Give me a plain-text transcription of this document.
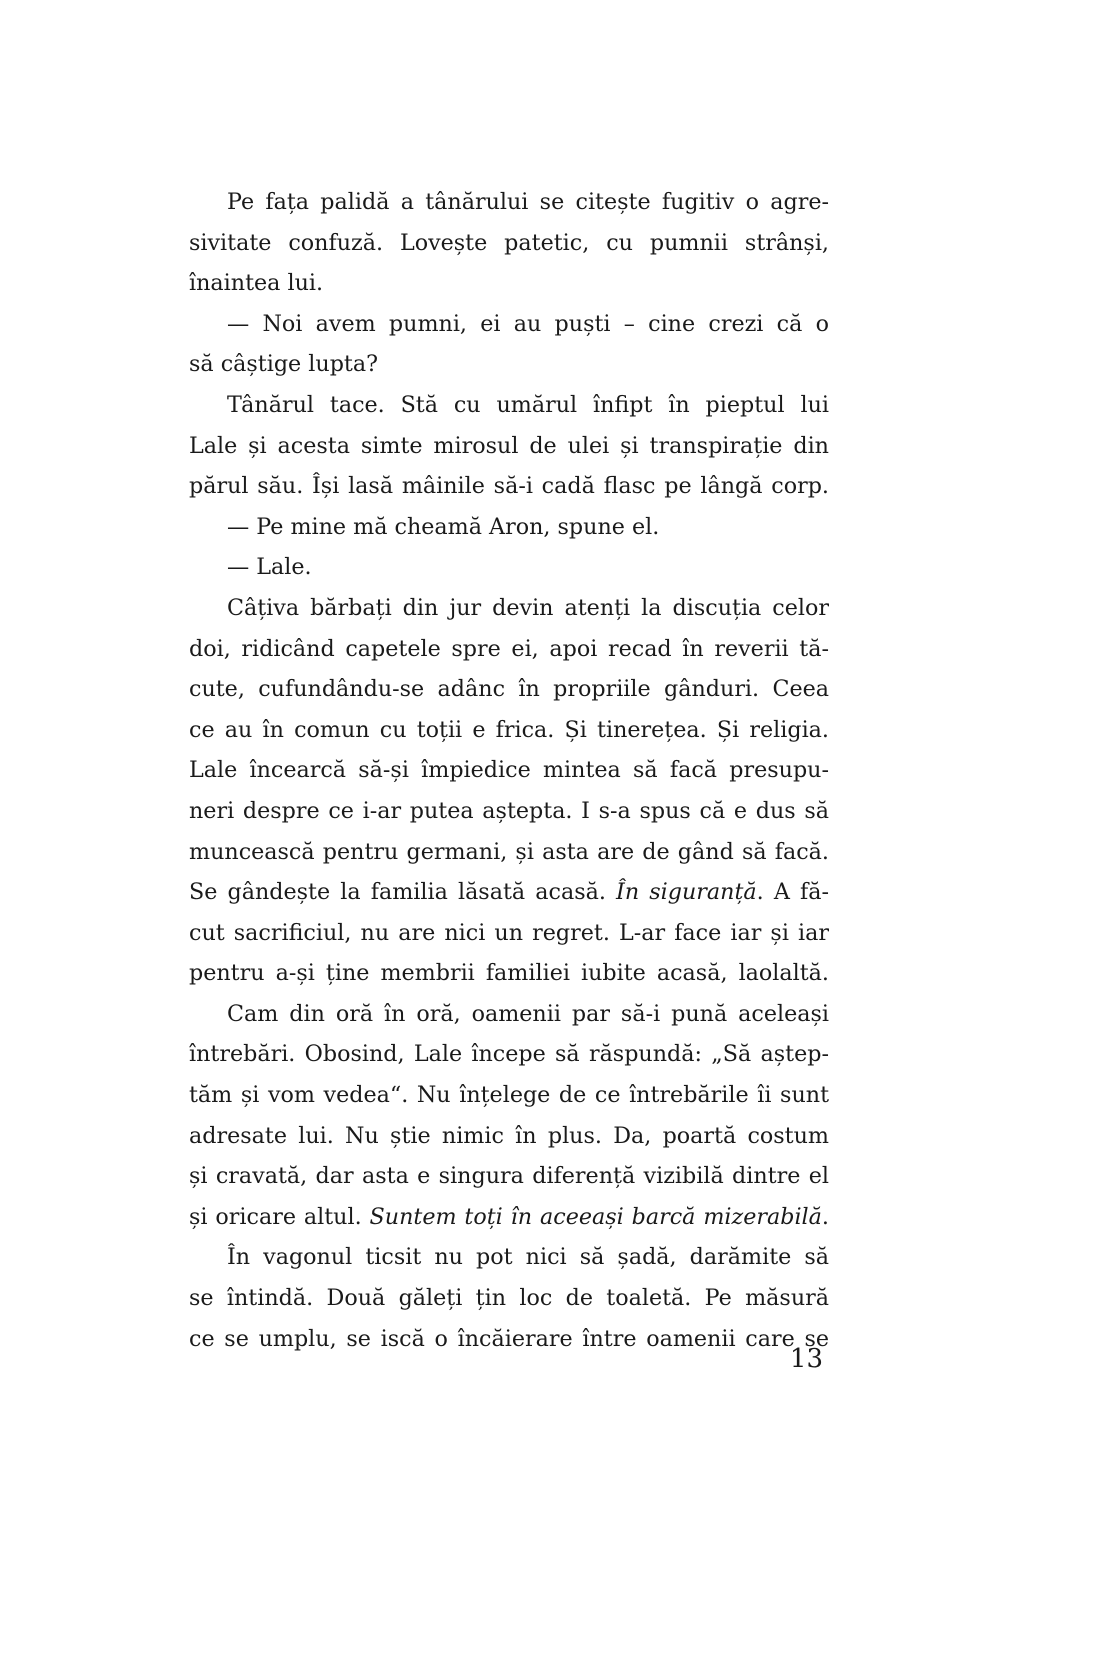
Pe fața palidă a tânărului se citește fugitiv o agre-
sivitate confuză. Lovește patetic, cu pumnii strânși,
înaintea lui.
— Noi avem pumni, ei au puști – cine crezi că o
să câștige lupta?
Tânărul tace. Stă cu umărul înfipt în pieptul lui
Lale și acesta simte mirosul de ulei și transpirație din
părul său. Își lasă mâinile să-i cadă flasc pe lângă corp.
— Pe mine mă cheamă Aron, spune el.
— Lale.
Câțiva bărbați din jur devin atenți la discuția celor
doi, ridicând capetele spre ei, apoi recad în reverii tă-
cute, cufundându-se adânc în propriile gânduri. Ceea
ce au în comun cu toții e frica. Și tinerețea. Și religia.
Lale încearcă să-și împiedice mintea să facă presupu-
neri despre ce i-ar putea aștepta. I s-a spus că e dus să
muncească pentru germani, și asta are de gând să facă.
Se gândește la familia lăsată acasă. În siguranță. A fă-
cut sacrificiul, nu are nici un regret. L-ar face iar și iar
pentru a-și ține membrii familiei iubite acasă, laolaltă.
Cam din oră în oră, oamenii par să-i pună aceleași
întrebări. Obosind, Lale începe să răspundă: „Să aștep-
tăm și vom vedea“. Nu înțelege de ce întrebările îi sunt
adresate lui. Nu știe nimic în plus. Da, poartă costum
și cravată, dar asta e singura diferență vizibilă dintre el
și oricare altul. Suntem toți în aceeași barcă mizerabilă.
În vagonul ticsit nu pot nici să șadă, darămite să
se întindă. Două gălеți țin loc de toaletă. Pe măsură
ce se umplu, se iscă o încăierare între oamenii care se
13
